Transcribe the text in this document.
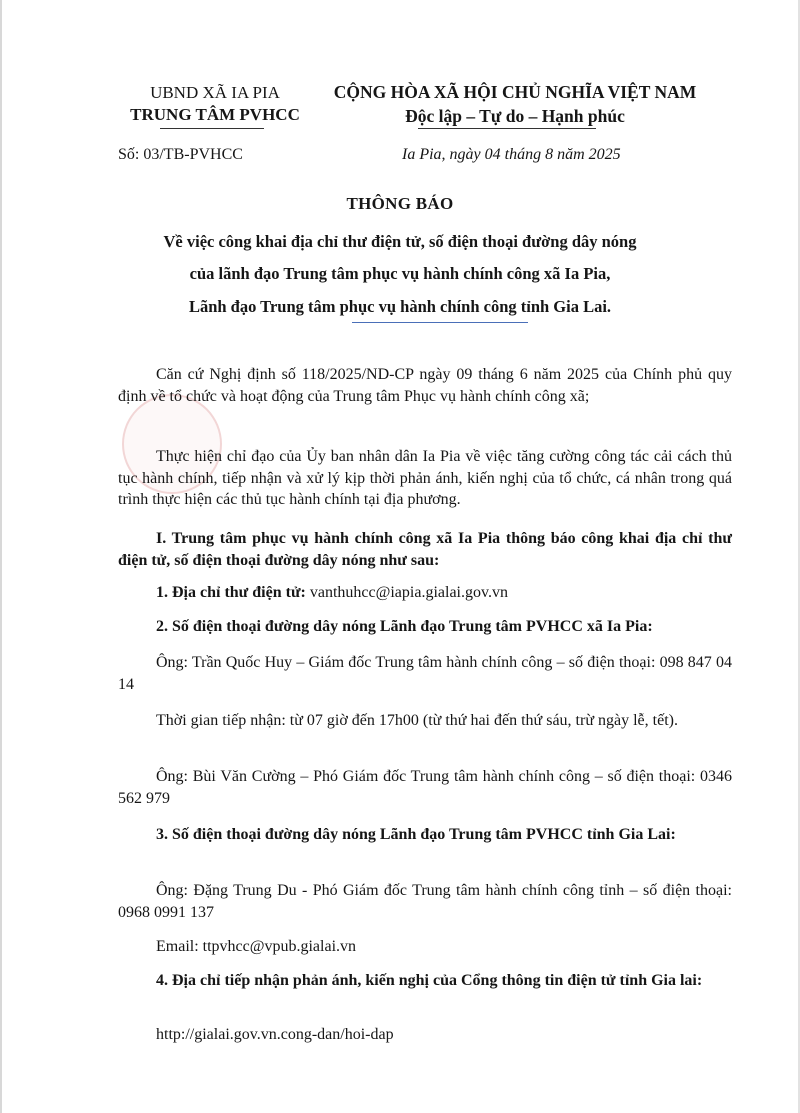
UBND XÃ IA PIA
TRUNG TÂM PVHCC
CỘNG HÒA XÃ HỘI CHỦ NGHĨA VIỆT NAM
Độc lập – Tự do – Hạnh phúc
Số: 03/TB-PVHCC	Ia Pia, ngày 04 tháng 8 năm 2025
THÔNG BÁO
Về việc công khai địa chỉ thư điện tử, số điện thoại đường dây nóng
của lãnh đạo Trung tâm phục vụ hành chính công xã Ia Pia,
Lãnh đạo Trung tâm phục vụ hành chính công tỉnh Gia Lai.
Căn cứ Nghị định số 118/2025/ND-CP ngày 09 tháng 6 năm 2025 của Chính phủ quy định về tổ chức và hoạt động của Trung tâm Phục vụ hành chính công xã;
Thực hiện chỉ đạo của Ủy ban nhân dân Ia Pia về việc tăng cường công tác cải cách thủ tục hành chính, tiếp nhận và xử lý kịp thời phản ánh, kiến nghị của tổ chức, cá nhân trong quá trình thực hiện các thủ tục hành chính tại địa phương.
I. Trung tâm phục vụ hành chính công xã Ia Pia thông báo công khai địa chỉ thư điện tử, số điện thoại đường dây nóng như sau:
1. Địa chỉ thư điện tử: vanthuhcc@iapia.gialai.gov.vn
2. Số điện thoại đường dây nóng Lãnh đạo Trung tâm PVHCC xã Ia Pia:
Ông: Trần Quốc Huy – Giám đốc Trung tâm hành chính công – số điện thoại: 098 847 04 14
Thời gian tiếp nhận: từ 07 giờ đến 17h00 (từ thứ hai đến thứ sáu, trừ ngày lễ, tết).
Ông: Bùi Văn Cường – Phó Giám đốc Trung tâm hành chính công – số điện thoại: 0346 562 979
3. Số điện thoại đường dây nóng Lãnh đạo Trung tâm PVHCC tỉnh Gia Lai:
Ông: Đặng Trung Du - Phó Giám đốc Trung tâm hành chính công tỉnh – số điện thoại: 0968 0991 137
Email: ttpvhcc@vpub.gialai.vn
4. Địa chỉ tiếp nhận phản ánh, kiến nghị của Cổng thông tin điện tử tỉnh Gia lai:
http://gialai.gov.vn.cong-dan/hoi-dap
